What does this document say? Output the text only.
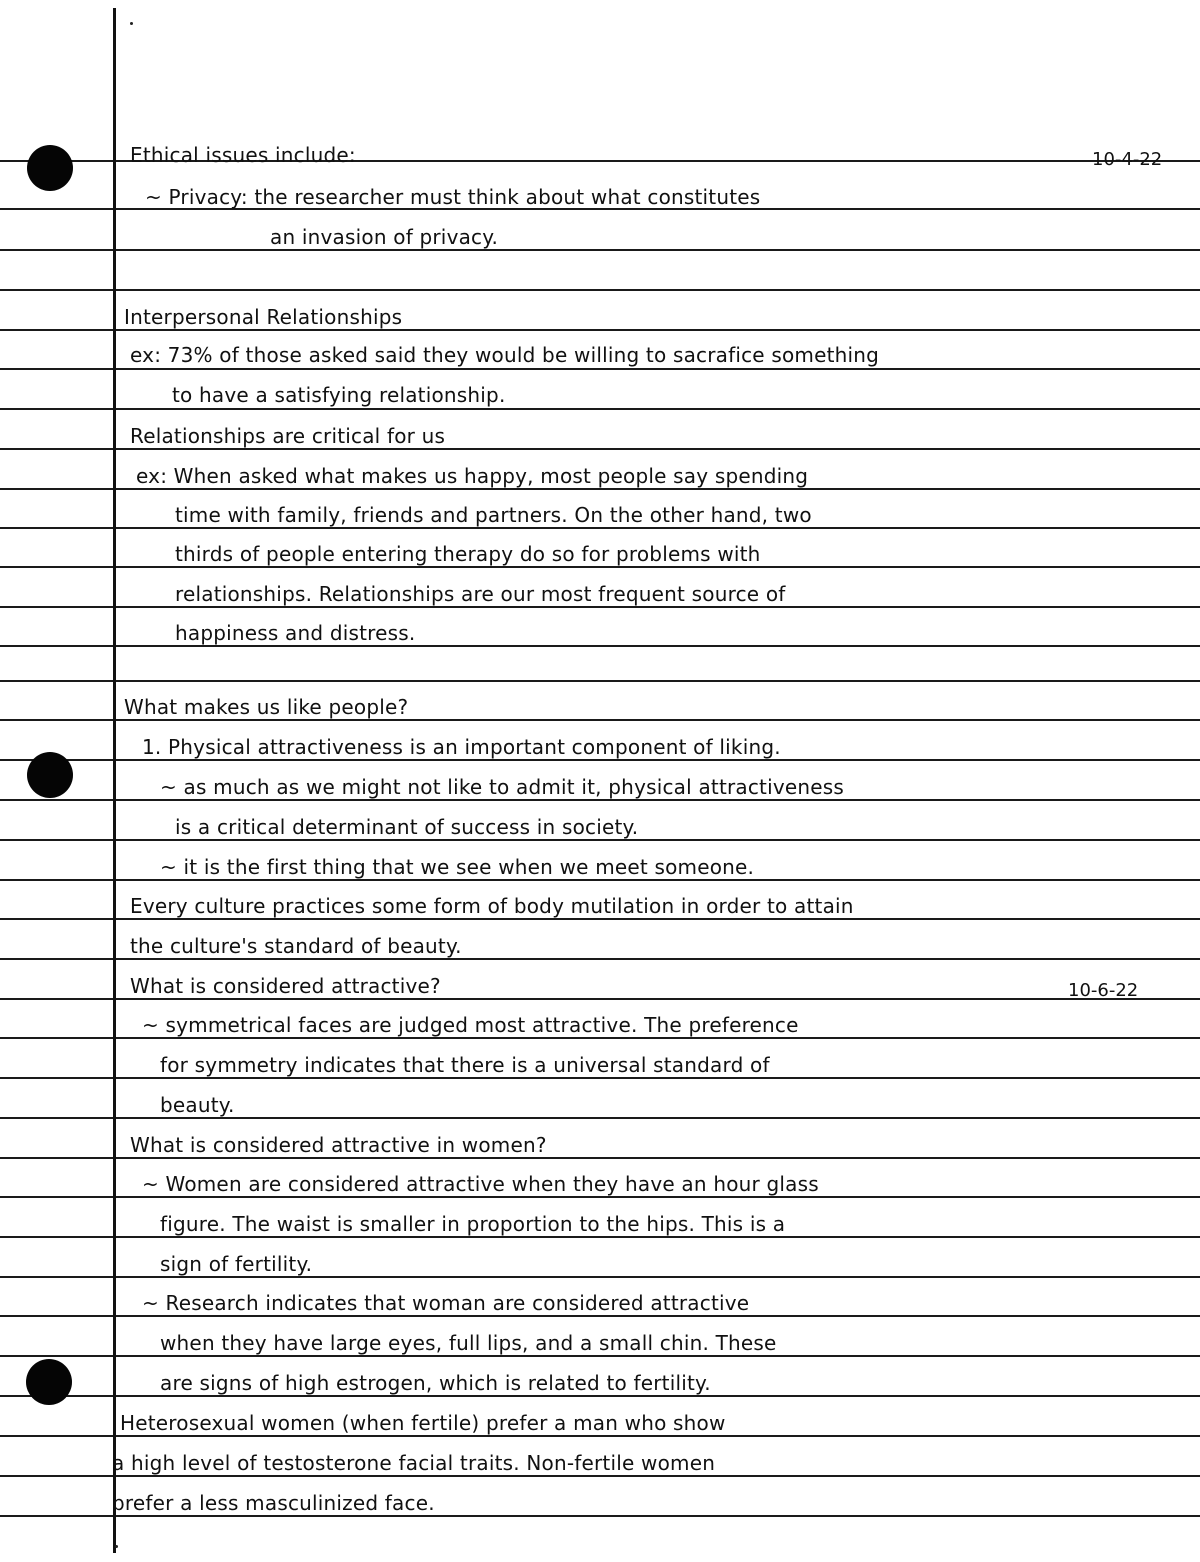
10-4-22
10-6-22
Ethical issues include:
~ Privacy: the researcher must think about what constitutes
an invasion of privacy.
Interpersonal Relationships
ex: 73% of those asked said they would be willing to sacrafice something
to have a satisfying relationship.
Relationships are critical for us
ex: When asked what makes us happy, most people say spending
time with family, friends and partners. On the other hand, two
thirds of people entering therapy do so for problems with
relationships. Relationships are our most frequent source of
happiness and distress.
What makes us like people?
1. Physical attractiveness is an important component of liking.
~ as much as we might not like to admit it, physical attractiveness
is a critical determinant of success in society.
~ it is the first thing that we see when we meet someone.
Every culture practices some form of body mutilation in order to attain
the culture's standard of beauty.
What is considered attractive?
~ symmetrical faces are judged most attractive. The preference
for symmetry indicates that there is a universal standard of
beauty.
What is considered attractive in women?
~ Women are considered attractive when they have an hour glass
figure. The waist is smaller in proportion to the hips. This is a
sign of fertility.
~ Research indicates that woman are considered attractive
when they have large eyes, full lips, and a small chin. These
are signs of high estrogen, which is related to fertility.
Heterosexual women (when fertile) prefer a man who show
a high level of testosterone facial traits. Non-fertile women
prefer a less masculinized face.
